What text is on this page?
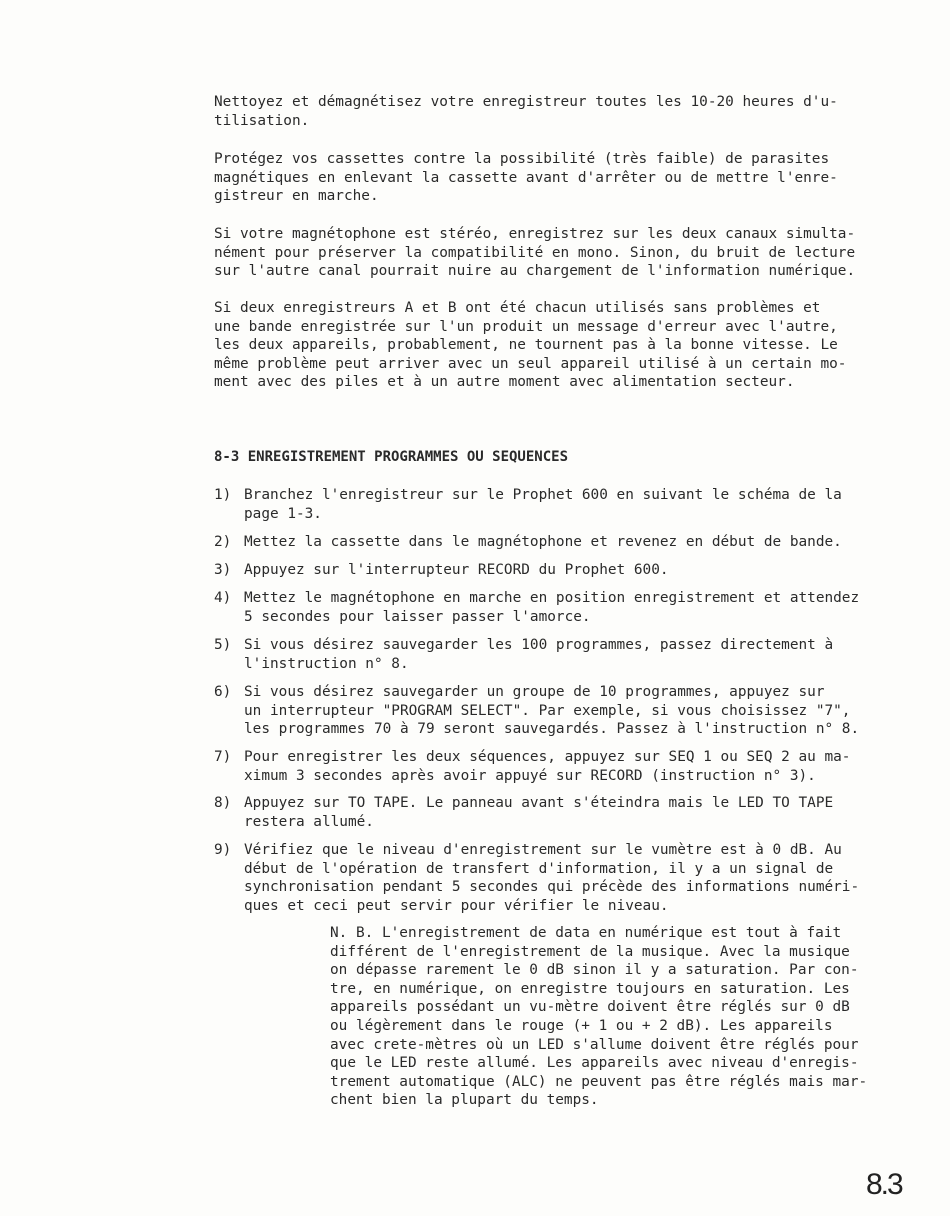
Nettoyez et démagnétisez votre enregistreur toutes les 10-20 heures d'u-
tilisation.

Protégez vos cassettes contre la possibilité (très faible) de parasites
magnétiques en enlevant la cassette avant d'arrêter ou de mettre l'enre-
gistreur en marche.

Si votre magnétophone est stéréo, enregistrez sur les deux canaux simulta-
nément pour préserver la compatibilité en mono. Sinon, du bruit de lecture
sur l'autre canal pourrait nuire au chargement de l'information numérique.

Si deux enregistreurs A et B ont été chacun utilisés sans problèmes et
une bande enregistrée sur l'un produit un message d'erreur avec l'autre,
les deux appareils, probablement, ne tournent pas à la bonne vitesse. Le
même problème peut arriver avec un seul appareil utilisé à un certain mo-
ment avec des piles et à un autre moment avec alimentation secteur.

8-3 ENREGISTREMENT PROGRAMMES OU SEQUENCES
1) Branchez l'enregistreur sur le Prophet 600 en suivant le schéma de la
page 1-3.
2) Mettez la cassette dans le magnétophone et revenez en début de bande.
3) Appuyez sur l'interrupteur RECORD du Prophet 600.
4) Mettez le magnétophone en marche en position enregistrement et attendez
5 secondes pour laisser passer l'amorce.
5) Si vous désirez sauvegarder les 100 programmes, passez directement à
l'instruction n° 8.
6) Si vous désirez sauvegarder un groupe de 10 programmes, appuyez sur
un interrupteur "PROGRAM SELECT". Par exemple, si vous choisissez "7",
les programmes 70 à 79 seront sauvegardés. Passez à l'instruction n° 8.
7) Pour enregistrer les deux séquences, appuyez sur SEQ 1 ou SEQ 2 au ma-
ximum 3 secondes après avoir appuyé sur RECORD (instruction n° 3).
8) Appuyez sur TO TAPE. Le panneau avant s'éteindra mais le LED TO TAPE
restera allumé.
9) Vérifiez que le niveau d'enregistrement sur le vumètre est à 0 dB. Au
début de l'opération de transfert d'information, il y a un signal de
synchronisation pendant 5 secondes qui précède des informations numéri-
ques et ceci peut servir pour vérifier le niveau.

N. B. L'enregistrement de data en numérique est tout à fait
différent de l'enregistrement de la musique. Avec la musique
on dépasse rarement le 0 dB sinon il y a saturation. Par con-
tre, en numérique, on enregistre toujours en saturation. Les
appareils possédant un vu-mètre doivent être réglés sur 0 dB
ou légèrement dans le rouge (+ 1 ou + 2 dB). Les appareils
avec crete-mètres où un LED s'allume doivent être réglés pour
que le LED reste allumé. Les appareils avec niveau d'enregis-
trement automatique (ALC) ne peuvent pas être réglés mais mar-
chent bien la plupart du temps.

8.3
